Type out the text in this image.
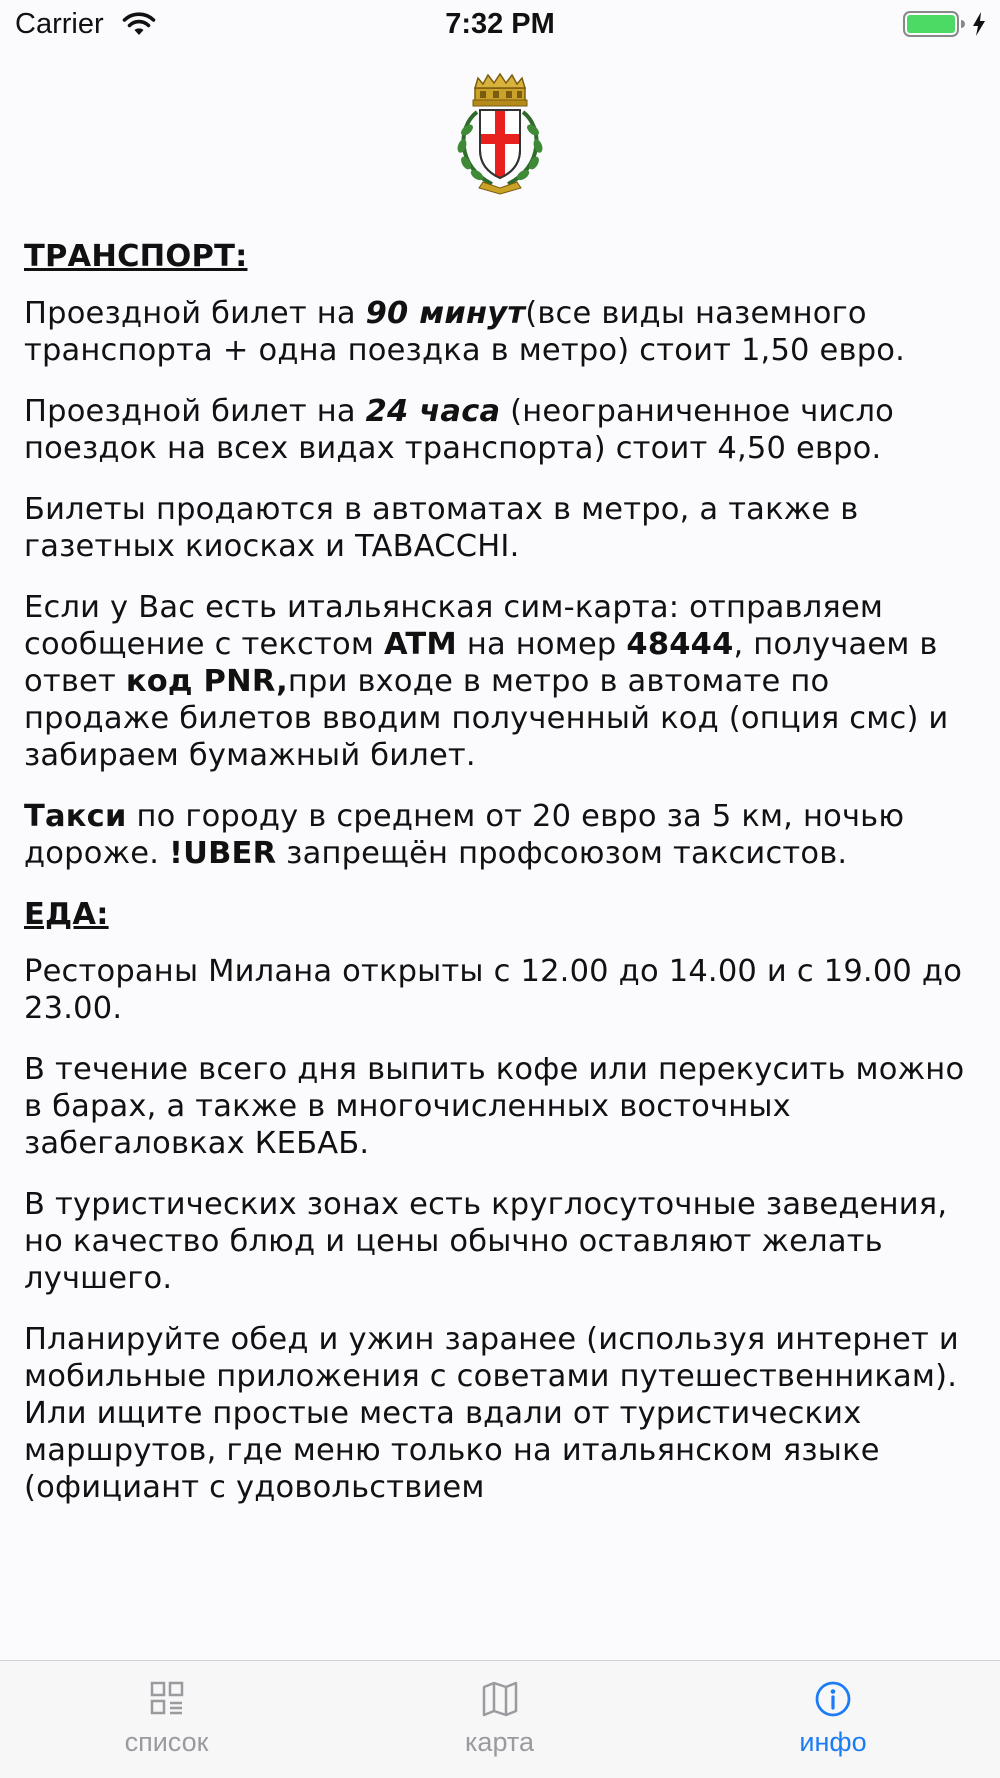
Carrier	7:32 PM
ТРАНСПОРТ:

Проездной билет на 90 минут(все виды наземного транспорта + одна поездка в метро) стоит 1,50 евро.

Проездной билет на 24 часа (неограниченное число поездок на всех видах транспорта) стоит 4,50 евро.

Билеты продаются в автоматах в метро, а также в газетных киосках и TABACCHI.

Если у Вас есть итальянская сим-карта: отправляем сообщение с текстом ATM на номер 48444, получаем в ответ код PNR,при входе в метро в автомате по продаже билетов вводим полученный код (опция смс) и забираем бумажный билет.

Такси по городу в среднем от 20 евро за 5 км, ночью дороже. !UBER запрещён профсоюзом таксистов.

ЕДА:

Рестораны Милана открыты с 12.00 до 14.00 и с 19.00 до 23.00.

В течение всего дня выпить кофе или перекусить можно в барах, а также в многочисленных восточных забегаловках КЕБАБ.

В туристических зонах есть круглосуточные заведения, но качество блюд и цены обычно оставляют желать лучшего.

Планируйте обед и ужин заранее (используя интернет и мобильные приложения с советами путешественникам). Или ищите простые места вдали от туристических маршрутов, где меню только на итальянском языке (официант с удовольствием

список	карта	инфо
